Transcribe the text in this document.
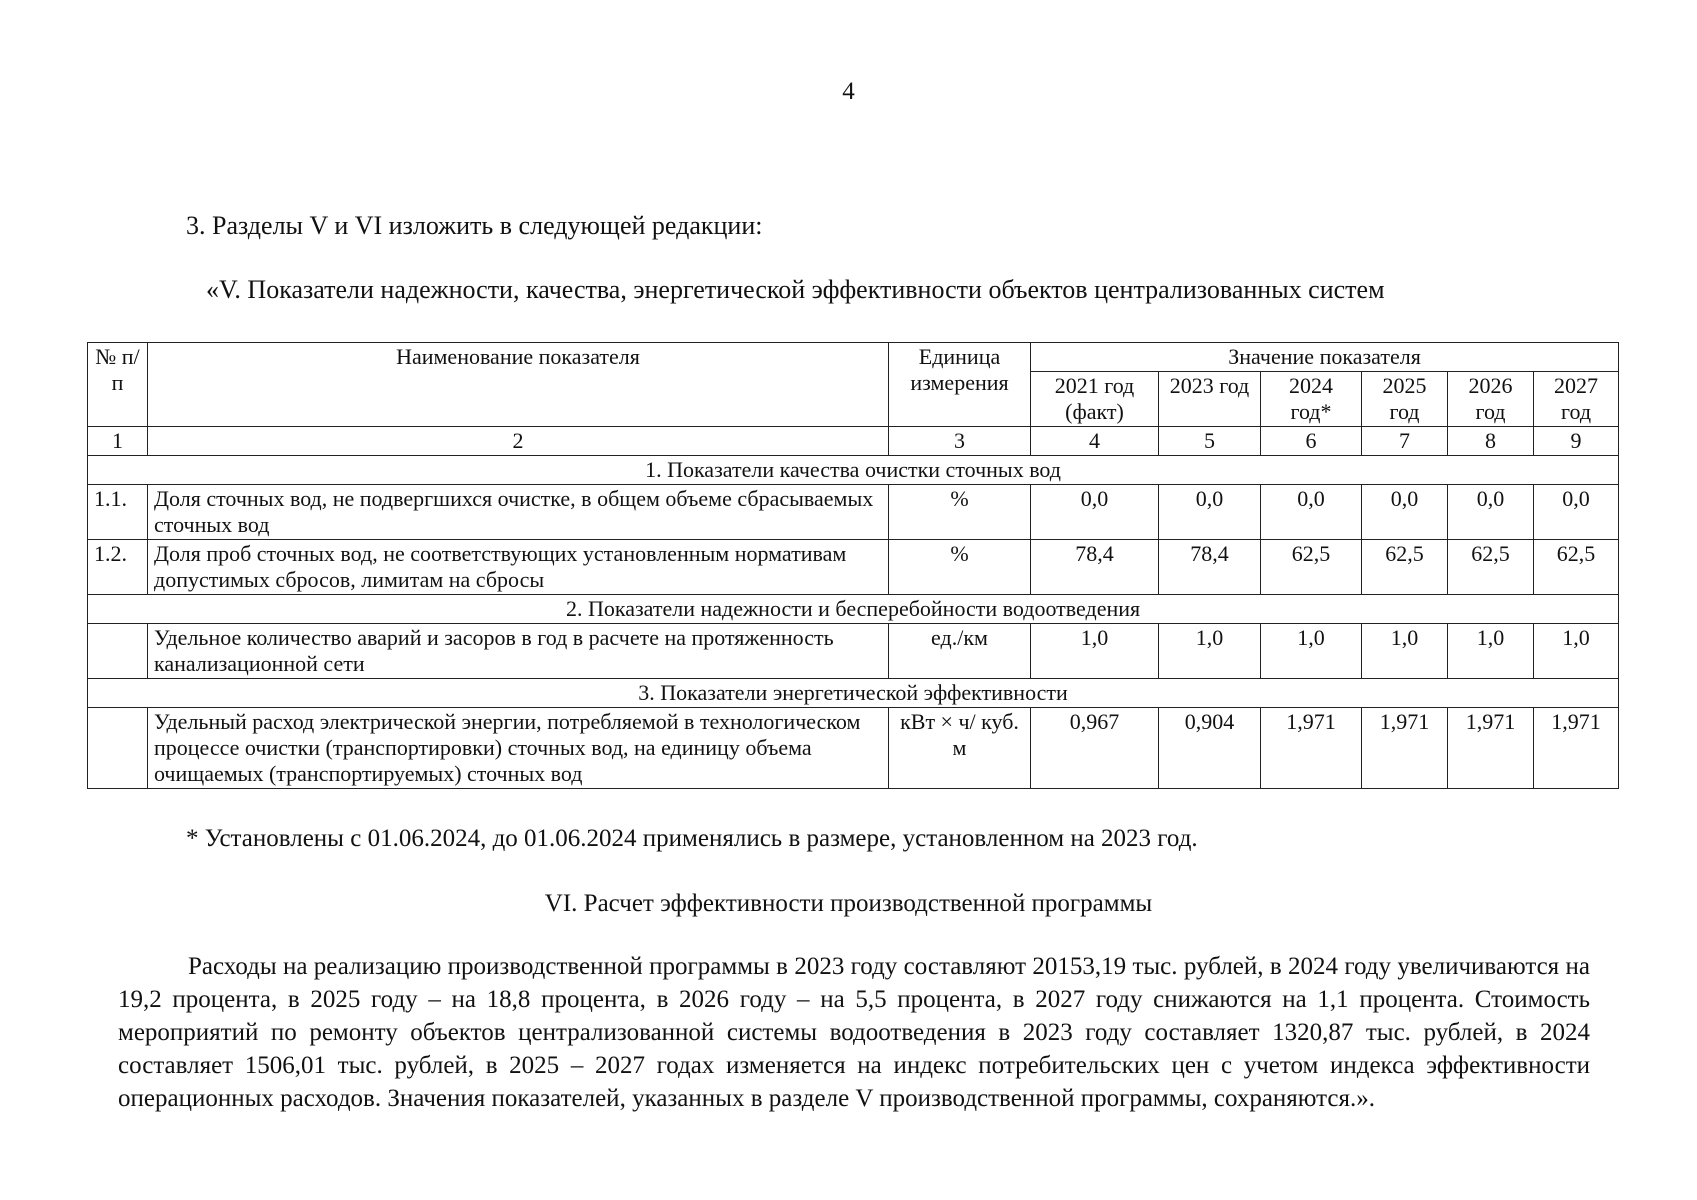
4
3. Разделы V и VI изложить в следующей редакции:
«V. Показатели надежности, качества, энергетической эффективности объектов централизованных систем
№ п/п	Наименование показателя	Единица измерения	Значение показателя					
			2021 год (факт)	2023 год	2024 год*	2025 год	2026 год	2027 год
1	2	3	4	5	6	7	8	9
1. Показатели качества очистки сточных вод								
1.1.	Доля сточных вод, не подвергшихся очистке, в общем объеме сбрасываемых сточных вод	%	0,0	0,0	0,0	0,0	0,0	0,0
1.2.	Доля проб сточных вод, не соответствующих установленным нормативам допустимых сбросов, лимитам на сбросы	%	78,4	78,4	62,5	62,5	62,5	62,5
2. Показатели надежности и бесперебойности водоотведения								
	Удельное количество аварий и засоров в год в расчете на протяженность канализационной сети	ед./км	1,0	1,0	1,0	1,0	1,0	1,0
3. Показатели энергетической эффективности								
	Удельный расход электрической энергии, потребляемой в технологическом процессе очистки (транспортировки) сточных вод, на единицу объема очищаемых (транспортируемых) сточных вод	кВт × ч/ куб. м	0,967	0,904	1,971	1,971	1,971	1,971
* Установлены с 01.06.2024, до 01.06.2024 применялись в размере, установленном на 2023 год.
VI. Расчет эффективности производственной программы
Расходы на реализацию производственной программы в 2023 году составляют 20153,19 тыс. рублей, в 2024 году увеличиваются на 19,2 процента, в 2025 году – на 18,8 процента, в 2026 году – на 5,5 процента, в 2027 году снижаются на 1,1 процента. Стоимость мероприятий по ремонту объектов централизованной системы водоотведения в 2023 году составляет 1320,87 тыс. рублей, в 2024 составляет 1506,01 тыс. рублей, в 2025 – 2027 годах изменяется на индекс потребительских цен с учетом индекса эффективности операционных расходов. Значения показателей, указанных в разделе V производственной программы, сохраняются.».
